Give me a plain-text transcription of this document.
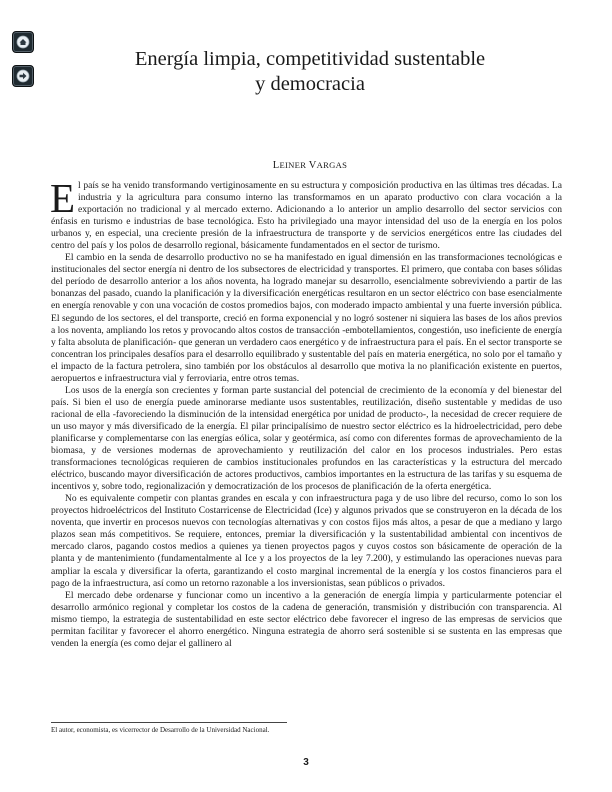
Energía limpia, competitividad sustentable
y democracia
LEINER VARGAS

El país se ha venido transformando vertiginosamente en su estructura y composición productiva en las últimas tres décadas. La industria y la agricultura para consumo interno las transformamos en un aparato productivo con clara vocación a la exportación no tradicional y al mercado externo. Adicionando a lo anterior un amplio desarrollo del sector servicios con énfasis en turismo e industrias de base tecnológica. Esto ha privilegiado una mayor intensidad del uso de la energía en los polos urbanos y, en especial, una creciente presión de la infraestructura de transporte y de servicios energéticos entre las ciudades del centro del país y los polos de desarrollo regional, básicamente fundamentados en el sector de turismo.

El cambio en la senda de desarrollo productivo no se ha manifestado en igual dimensión en las transformaciones tecnológicas e institucionales del sector energía ni dentro de los subsectores de electricidad y transportes. El primero, que contaba con bases sólidas del período de desarrollo anterior a los años noventa, ha logrado manejar su desarrollo, esencialmente sobreviviendo a partir de las bonanzas del pasado, cuando la planificación y la diversificación energéticas resultaron en un sector eléctrico con base esencialmente en energía renovable y con una vocación de costos promedios bajos, con moderado impacto ambiental y una fuerte inversión pública. El segundo de los sectores, el del transporte, creció en forma exponencial y no logró sostener ni siquiera las bases de los años previos a los noventa, ampliando los retos y provocando altos costos de transacción -embotellamientos, congestión, uso ineficiente de energía y falta absoluta de planificación- que generan un verdadero caos energético y de infraestructura para el país. En el sector transporte se concentran los principales desafíos para el desarrollo equilibrado y sustentable del país en materia energética, no solo por el tamaño y el impacto de la factura petrolera, sino también por los obstáculos al desarrollo que motiva la no planificación existente en puertos, aeropuertos e infraestructura vial y ferroviaria, entre otros temas.

Los usos de la energía son crecientes y forman parte sustancial del potencial de crecimiento de la economía y del bienestar del país. Si bien el uso de energía puede aminorarse mediante usos sustentables, reutilización, diseño sustentable y medidas de uso racional de ella -favoreciendo la disminución de la intensidad energética por unidad de producto-, la necesidad de crecer requiere de un uso mayor y más diversificado de la energía. El pilar principalísimo de nuestro sector eléctrico es la hidroelectricidad, pero debe planificarse y complementarse con las energías eólica, solar y geotérmica, así como con diferentes formas de aprovechamiento de la biomasa, y de versiones modernas de aprovechamiento y reutilización del calor en los procesos industriales. Pero estas transformaciones tecnológicas requieren de cambios institucionales profundos en las características y la estructura del mercado eléctrico, buscando mayor diversificación de actores productivos, cambios importantes en la estructura de las tarifas y su esquema de incentivos y, sobre todo, regionalización y democratización de los procesos de planificación de la oferta energética.

No es equivalente competir con plantas grandes en escala y con infraestructura paga y de uso libre del recurso, como lo son los proyectos hidroeléctricos del Instituto Costarricense de Electricidad (Ice) y algunos privados que se construyeron en la década de los noventa, que invertir en procesos nuevos con tecnologías alternativas y con costos fijos más altos, a pesar de que a mediano y largo plazos sean más competitivos. Se requiere, entonces, premiar la diversificación y la sustentabilidad ambiental con incentivos de mercado claros, pagando costos medios a quienes ya tienen proyectos pagos y cuyos costos son básicamente de operación de la planta y de mantenimiento (fundamentalmente al Ice y a los proyectos de la ley 7.200), y estimulando las operaciones nuevas para ampliar la escala y diversificar la oferta, garantizando el costo marginal incremental de la energía y los costos financieros para el pago de la infraestructura, así como un retorno razonable a los inversionistas, sean públicos o privados.

El mercado debe ordenarse y funcionar como un incentivo a la generación de energía limpia y particularmente potenciar el desarrollo armónico regional y completar los costos de la cadena de generación, transmisión y distribución con transparencia. Al mismo tiempo, la estrategia de sustentabilidad en este sector eléctrico debe favorecer el ingreso de las empresas de servicios que permitan facilitar y favorecer el ahorro energético. Ninguna estrategia de ahorro será sostenible si se sustenta en las empresas que venden la energía (es como dejar el gallinero al

El autor, economista, es vicerrector de Desarrollo de la Universidad Nacional.
3
